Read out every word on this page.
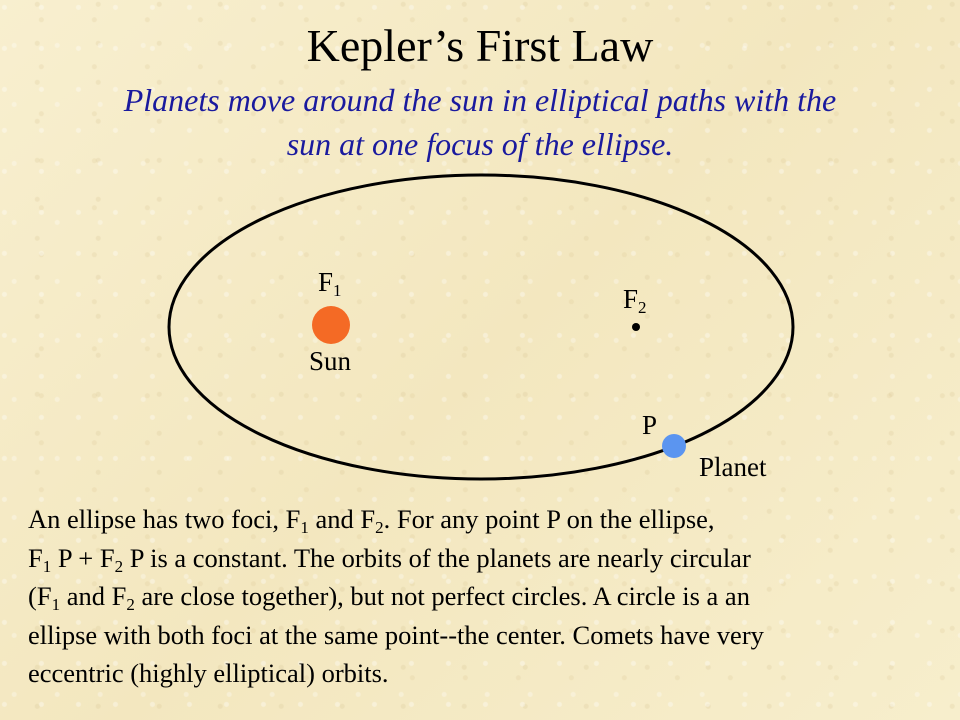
Kepler’s First Law
Planets move around the sun in elliptical paths with the
sun at one focus of the ellipse.
$F_1$	$F_2$
Sun
P
Planet
An ellipse has two foci, $F_1$ and $F_2$. For any point P on the ellipse,
$F_1$ $P + F_2$ P is a constant. The orbits of the planets are nearly circular
($F_1$ and $F_2$ are close together), but not perfect circles. A circle is a an
ellipse with both foci at the same point--the center. Comets have very
eccentric (highly elliptical) orbits.
